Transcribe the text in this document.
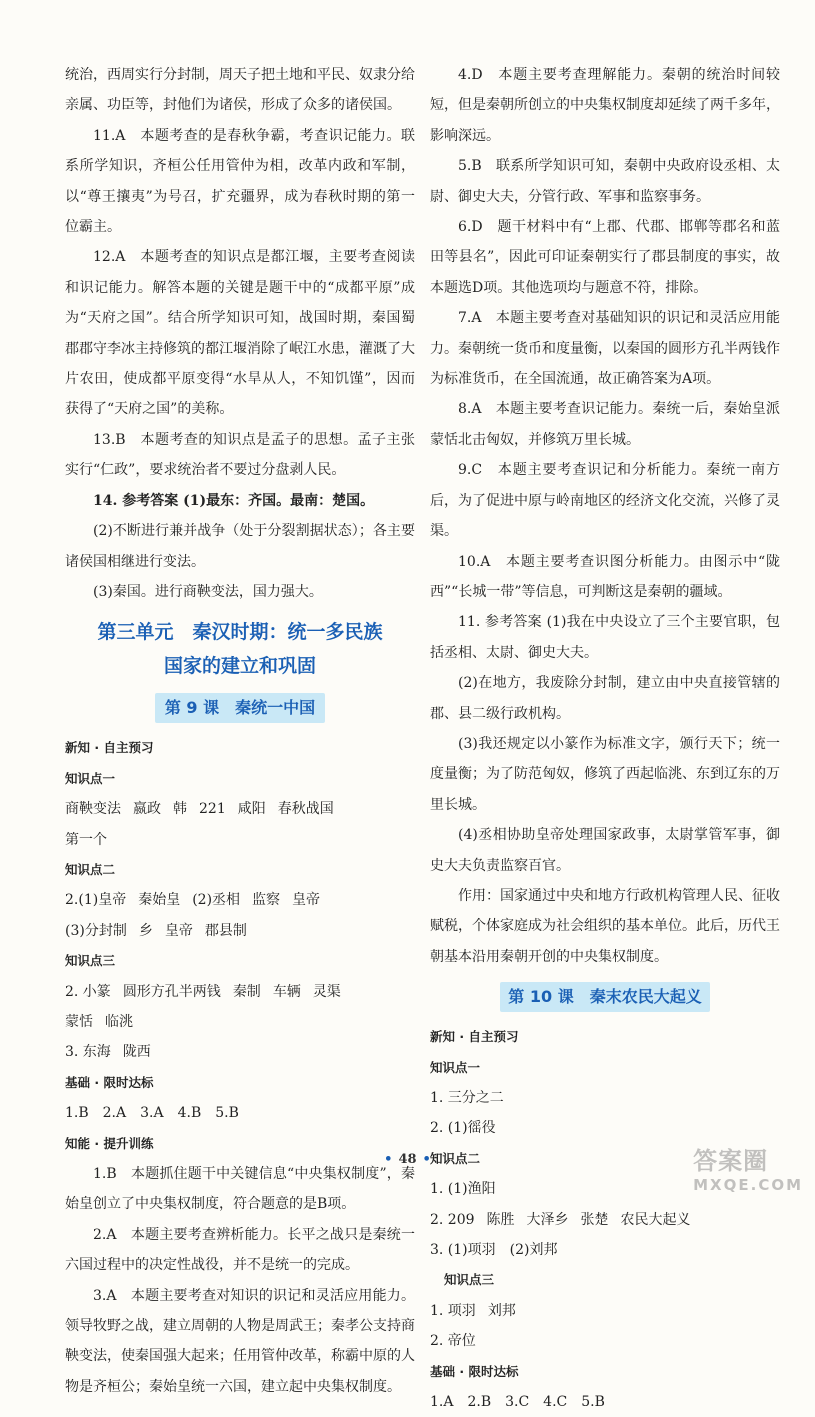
统治，西周实行分封制，周天子把土地和平民、奴隶分给亲属、功臣等，封他们为诸侯，形成了众多的诸侯国。

11.A　本题考查的是春秋争霸，考查识记能力。联系所学知识，齐桓公任用管仲为相，改革内政和军制，以“尊王攘夷”为号召，扩充疆界，成为春秋时期的第一位霸主。

12.A　本题考查的知识点是都江堰，主要考查阅读和识记能力。解答本题的关键是题干中的“成都平原”成为“天府之国”。结合所学知识可知，战国时期，秦国蜀郡郡守李冰主持修筑的都江堰消除了岷江水患，灌溉了大片农田，使成都平原变得“水旱从人，不知饥馑”，因而获得了“天府之国”的美称。

13.B　本题考查的知识点是孟子的思想。孟子主张实行“仁政”，要求统治者不要过分盘剥人民。

14. 参考答案 (1)最东：齐国。最南：楚国。

(2)不断进行兼并战争（处于分裂割据状态）；各主要诸侯国相继进行变法。

(3)秦国。进行商鞅变法，国力强大。

第三单元　秦汉时期：统一多民族
国家的建立和巩固
第 9 课　秦统一中国
新知 · 自主预习
知识点一
商鞅变法 嬴政 韩 221 咸阳 春秋战国
第一个
知识点二
2.(1)皇帝 秦始皇 (2)丞相 监察 皇帝
(3)分封制 乡 皇帝 郡县制
知识点三
2. 小篆 圆形方孔半两钱 秦制 车辆 灵渠
蒙恬 临洮
3. 东海 陇西
基础 · 限时达标
1.B　2.A　3.A　4.B　5.B
知能 · 提升训练

1.B　本题抓住题干中关键信息“中央集权制度”，秦始皇创立了中央集权制度，符合题意的是B项。

2.A　本题主要考查辨析能力。长平之战只是秦统一六国过程中的决定性战役，并不是统一的完成。

3.A　本题主要考查对知识的识记和灵活应用能力。领导牧野之战，建立周朝的人物是周武王；秦孝公支持商鞅变法，使秦国强大起来；任用管仲改革，称霸中原的人物是齐桓公；秦始皇统一六国，建立起中央集权制度。

4.D　本题主要考查理解能力。秦朝的统治时间较短，但是秦朝所创立的中央集权制度却延续了两千多年，影响深远。

5.B　联系所学知识可知，秦朝中央政府设丞相、太尉、御史大夫，分管行政、军事和监察事务。

6.D　题干材料中有“上郡、代郡、邯郸等郡名和蓝田等县名”，因此可印证秦朝实行了郡县制度的事实，故本题选D项。其他选项均与题意不符，排除。

7.A　本题主要考查对基础知识的识记和灵活应用能力。秦朝统一货币和度量衡，以秦国的圆形方孔半两钱作为标准货币，在全国流通，故正确答案为A项。

8.A　本题主要考查识记能力。秦统一后，秦始皇派蒙恬北击匈奴，并修筑万里长城。

9.C　本题主要考查识记和分析能力。秦统一南方后，为了促进中原与岭南地区的经济文化交流，兴修了灵渠。

10.A　本题主要考查识图分析能力。由图示中“陇西”“长城一带”等信息，可判断这是秦朝的疆域。

11. 参考答案 (1)我在中央设立了三个主要官职，包括丞相、太尉、御史大夫。

(2)在地方，我废除分封制，建立由中央直接管辖的郡、县二级行政机构。

(3)我还规定以小篆作为标准文字，颁行天下；统一度量衡；为了防范匈奴，修筑了西起临洮、东到辽东的万里长城。

(4)丞相协助皇帝处理国家政事，太尉掌管军事，御史大夫负责监察百官。

作用：国家通过中央和地方行政机构管理人民、征收赋税，个体家庭成为社会组织的基本单位。此后，历代王朝基本沿用秦朝开创的中央集权制度。

第 10 课　秦末农民大起义
新知 · 自主预习
知识点一
1. 三分之二
2. (1)徭役
知识点二
1. (1)渔阳
2. 209 陈胜 大泽乡 张楚 农民大起义
3. (1)项羽　(2)刘邦
知识点三
1. 项羽 刘邦
2. 帝位
基础 · 限时达标
1.A　2.B　3.C　4.C　5.B
• 48 •	答案圈
MXQE.COM
